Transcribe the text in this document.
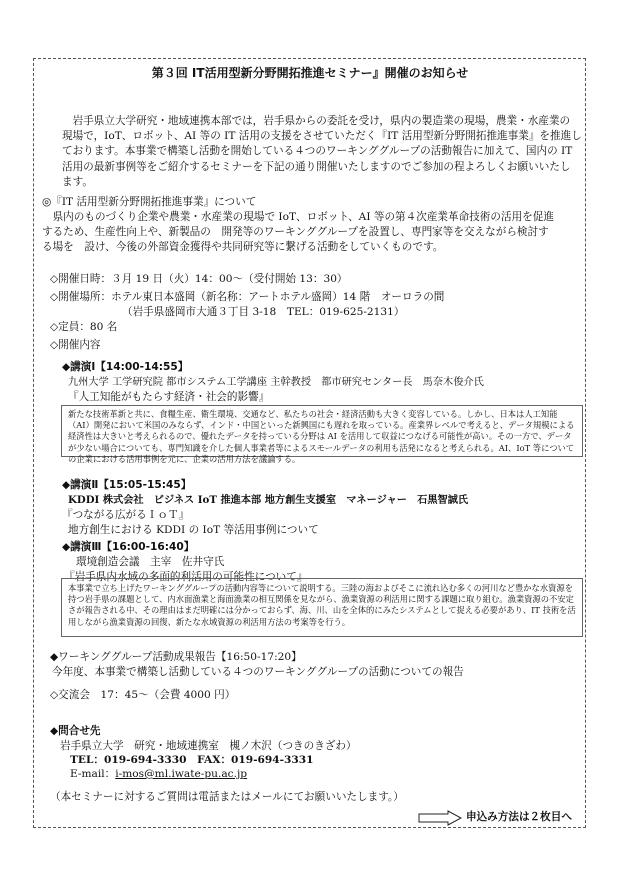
第３回 IT活用型新分野開拓推進セミナー』開催のお知らせ

　岩手県立大学研究・地域連携本部では，岩手県からの委託を受け，県内の製造業の現場，農業・水産業の

現場で，IoT、ロボット、AI 等の IT 活用の支援をさせていただく『IT 活用型新分野開拓推進事業』を推進し

ております。本事業で構築し活動を開始している４つのワーキンググループの活動報告に加えて、国内の IT

活用の最新事例等をご紹介するセミナーを下記の通り開催いたしますのでご参加の程よろしくお願いいたし

ます。

◎『IT 活用型新分野開拓推進事業』について
　県内のものづくり企業や農業・水産業の現場で IoT、ロボット、AI 等の第４次産業革命技術の活用を促進
するため、生産性向上や、新製品の　開発等のワーキンググループを設置し、専門家等を交えながら検討す
る場を　設け、今後の外部資金獲得や共同研究等に繋げる活動をしていくものです。
◇開催日時：３月 19 日（火）14：00～（受付開始 13：30）
◇開催場所：ホテル東日本盛岡（新名称：アートホテル盛岡）14 階　オーロラの間
（岩手県盛岡市大通３丁目 3-18　TEL：019-625-2131）
◇定員：80 名
◇開催内容
◆講演Ⅰ【14:00-14:55】
九州大学 工学研究院 都市システム工学講座 主幹教授　都市研究センター長　馬奈木俊介氏
『人工知能がもたらす経済・社会的影響』
新たな技術革新と共に、食糧生産、衛生環境、交通など、私たちの社会・経済活動も大きく変容している。しかし、日本は人工知能（AI）開発において米国のみならず、インド・中国といった新興国にも遅れを取っている。産業界レベルで考えると、データ規模による経済性は大きいと考えられるので、優れたデータを持っている分野は AI を活用して収益につなげる可能性が高い。その一方で、データが少ない場合についても、専門知識を介した個人事業者等によるスモールデータの利用も活発になると考えられる。AI、IoT 等についての企業における活用事例を元に、企業の活用方法を議論する。
◆講演Ⅱ【15:05-15:45】
KDDI 株式会社　ビジネス IoT 推進本部 地方創生支援室　マネージャー　石黒智誠氏
『つながる広がるＩｏＴ』
地方創生における KDDI の IoT 等活用事例について
◆講演Ⅲ【16:00-16:40】
環境創造会議　主宰　佐井守氏
『岩手県内水域の多面的利活用の可能性について』
本事業で立ち上げたワーキンググループの活動内容等について説明する。三陸の海およびそこに流れ込む多くの河川など豊かな水資源を持つ岩手県の課題として、内水面漁業と海面漁業の相互関係を見ながら、漁業資源の利活用に関する課題に取り組む。漁業資源の不安定さが報告される中、その理由はまだ明確には分かっておらず、海、川、山を全体的にみたシステムとして捉える必要があり、IT 技術を活用しながら漁業資源の回復、新たな水域資源の利活用方法の考案等を行う。
◆ワーキンググループ活動成果報告【16:50-17:20】
今年度、本事業で構築し活動している４つのワーキンググループの活動についての報告
◇交流会　17：45～（会費 4000 円）
◆問合せ先
岩手県立大学　研究・地域連携室　槻ノ木沢（つきのきざわ）
TEL：019-694-3330　FAX：019-694-3331
E-mail：i-mos@ml.iwate-pu.ac.jp
（本セミナーに対するご質問は電話またはメールにてお願いいたします。）
申込み方法は２枚目へ
